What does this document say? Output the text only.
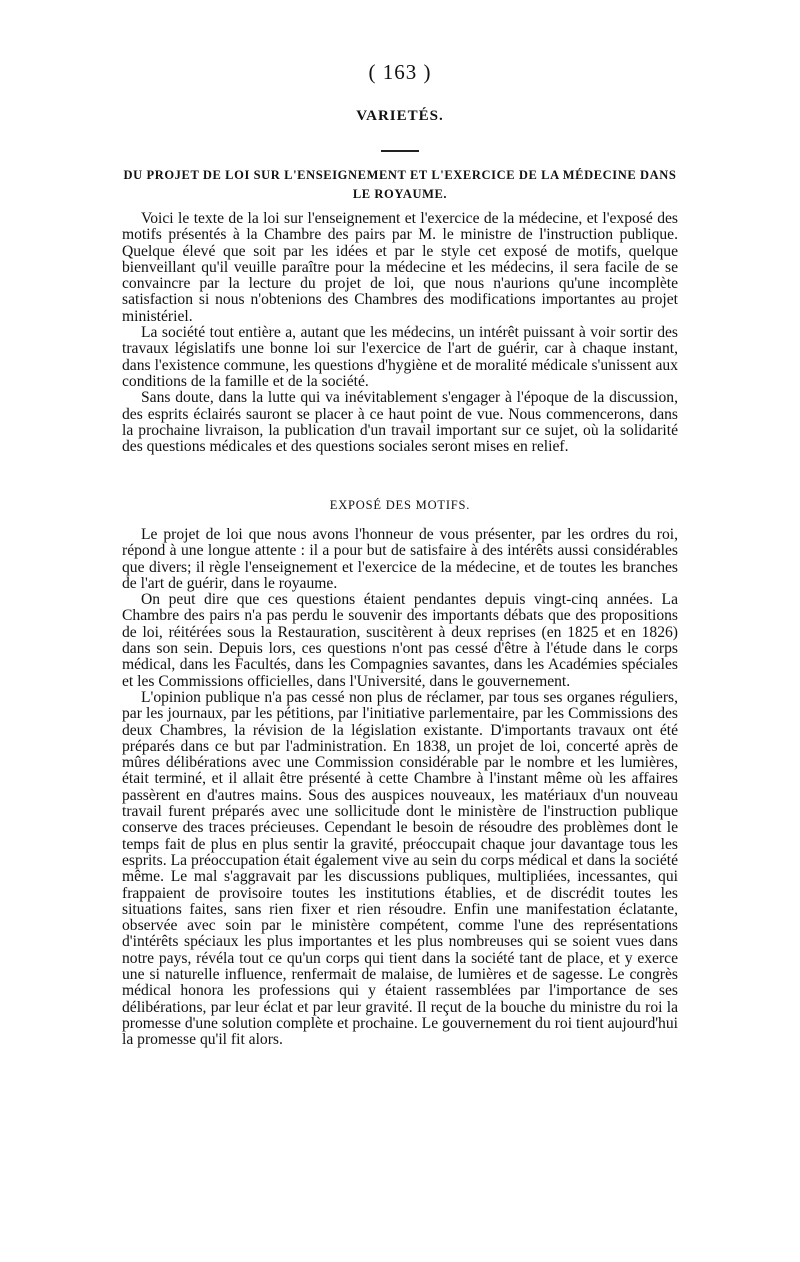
( 163 )
VARIETÉS.
DU PROJET DE LOI SUR L'ENSEIGNEMENT ET L'EXERCICE DE LA MÉDECINE DANS LE ROYAUME.

Voici le texte de la loi sur l'enseignement et l'exercice de la médecine, et l'exposé des motifs présentés à la Chambre des pairs par M. le ministre de l'instruction publique. Quelque élevé que soit par les idées et par le style cet exposé de motifs, quelque bienveillant qu'il veuille paraître pour la médecine et les médecins, il sera facile de se convaincre par la lecture du projet de loi, que nous n'aurions qu'une incomplète satisfaction si nous n'obtenions des Chambres des modifications importantes au projet ministériel.

La société tout entière a, autant que les médecins, un intérêt puissant à voir sortir des travaux législatifs une bonne loi sur l'exercice de l'art de guérir, car à chaque instant, dans l'existence commune, les questions d'hygiène et de moralité médicale s'unissent aux conditions de la famille et de la société.

Sans doute, dans la lutte qui va inévitablement s'engager à l'époque de la discussion, des esprits éclairés sauront se placer à ce haut point de vue. Nous commencerons, dans la prochaine livraison, la publication d'un travail important sur ce sujet, où la solidarité des questions médicales et des questions sociales seront mises en relief.

EXPOSÉ DES MOTIFS.

Le projet de loi que nous avons l'honneur de vous présenter, par les ordres du roi, répond à une longue attente : il a pour but de satisfaire à des intérêts aussi considérables que divers; il règle l'enseignement et l'exercice de la médecine, et de toutes les branches de l'art de guérir, dans le royaume.

On peut dire que ces questions étaient pendantes depuis vingt-cinq années. La Chambre des pairs n'a pas perdu le souvenir des importants débats que des propositions de loi, réitérées sous la Restauration, suscitèrent à deux reprises (en 1825 et en 1826) dans son sein. Depuis lors, ces questions n'ont pas cessé d'être à l'étude dans le corps médical, dans les Facultés, dans les Compagnies savantes, dans les Académies spéciales et les Commissions officielles, dans l'Université, dans le gouvernement.

L'opinion publique n'a pas cessé non plus de réclamer, par tous ses organes réguliers, par les journaux, par les pétitions, par l'initiative parlementaire, par les Commissions des deux Chambres, la révision de la législation existante. D'importants travaux ont été préparés dans ce but par l'administration. En 1838, un projet de loi, concerté après de mûres délibérations avec une Commission considérable par le nombre et les lumières, était terminé, et il allait être présenté à cette Chambre à l'instant même où les affaires passèrent en d'autres mains. Sous des auspices nouveaux, les matériaux d'un nouveau travail furent préparés avec une sollicitude dont le ministère de l'instruction publique conserve des traces précieuses. Cependant le besoin de résoudre des problèmes dont le temps fait de plus en plus sentir la gravité, préoccupait chaque jour davantage tous les esprits. La préoccupation était également vive au sein du corps médical et dans la société même. Le mal s'aggravait par les discussions publiques, multipliées, incessantes, qui frappaient de provisoire toutes les institutions établies, et de discrédit toutes les situations faites, sans rien fixer et rien résoudre. Enfin une manifestation éclatante, observée avec soin par le ministère compétent, comme l'une des représentations d'intérêts spéciaux les plus importantes et les plus nombreuses qui se soient vues dans notre pays, révéla tout ce qu'un corps qui tient dans la société tant de place, et y exerce une si naturelle influence, renfermait de malaise, de lumières et de sagesse. Le congrès médical honora les professions qui y étaient rassemblées par l'importance de ses délibérations, par leur éclat et par leur gravité. Il reçut de la bouche du ministre du roi la promesse d'une solution complète et prochaine. Le gouvernement du roi tient aujourd'hui la promesse qu'il fit alors.
